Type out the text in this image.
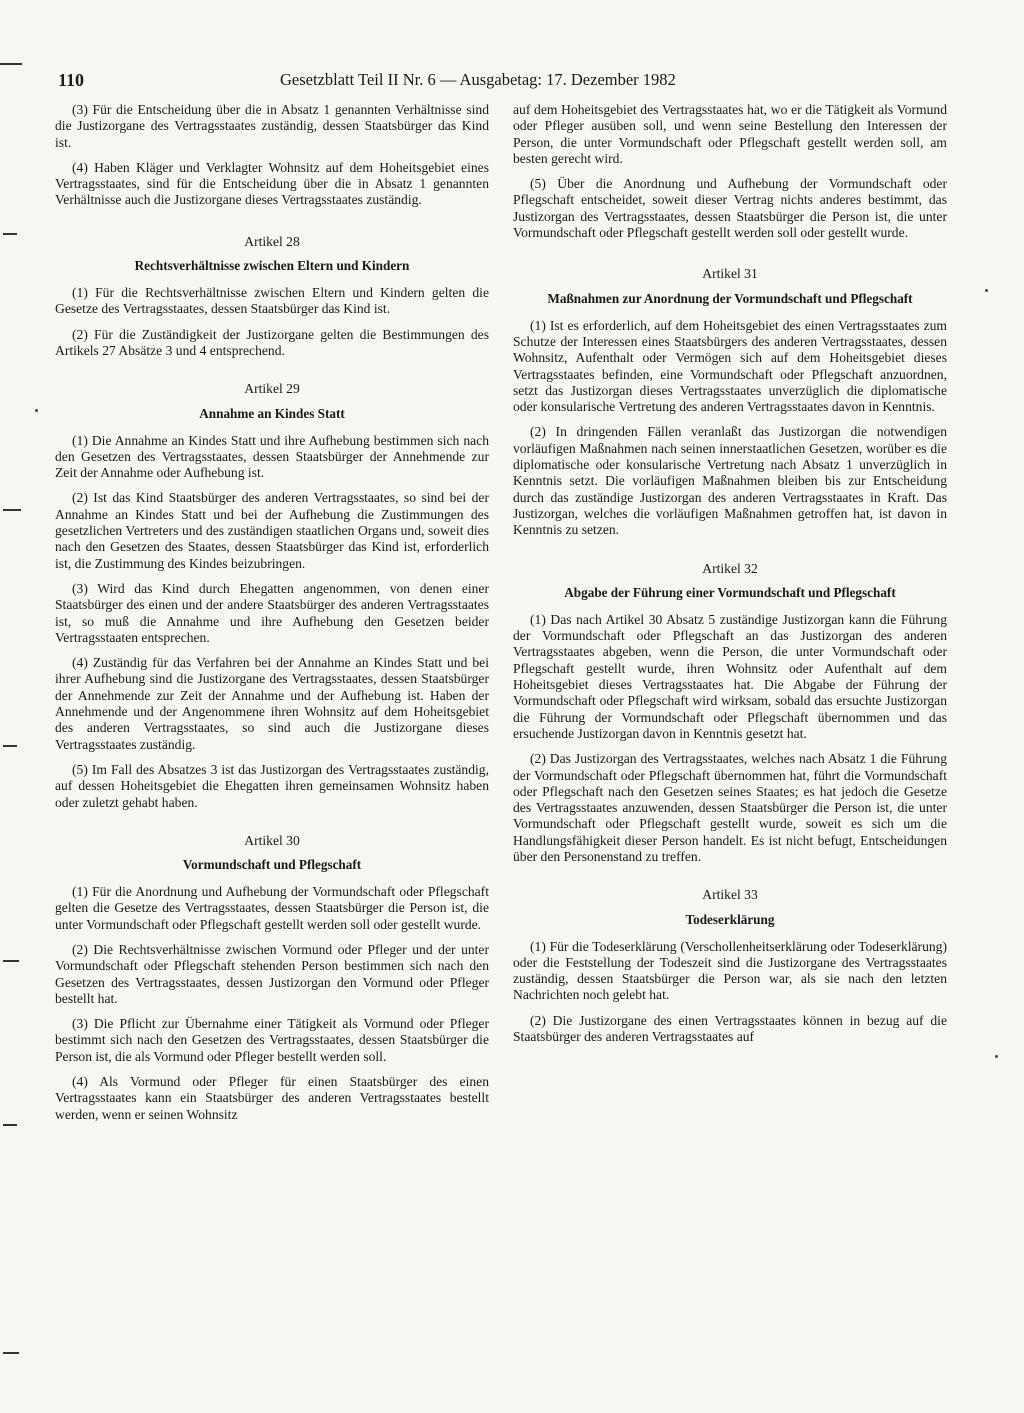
110	Gesetzblatt Teil II Nr. 6 — Ausgabetag: 17. Dezember 1982

(3) Für die Entscheidung über die in Absatz 1 genannten Verhältnisse sind die Justizorgane des Vertragsstaates zuständig, dessen Staatsbürger das Kind ist.

(4) Haben Kläger und Verklagter Wohnsitz auf dem Hoheitsgebiet eines Vertragsstaates, sind für die Entscheidung über die in Absatz 1 genannten Verhältnisse auch die Justizorgane dieses Vertragsstaates zuständig.

Artikel 28
Rechtsverhältnisse zwischen Eltern und Kindern

(1) Für die Rechtsverhältnisse zwischen Eltern und Kindern gelten die Gesetze des Vertragsstaates, dessen Staatsbürger das Kind ist.

(2) Für die Zuständigkeit der Justizorgane gelten die Bestimmungen des Artikels 27 Absätze 3 und 4 entsprechend.

Artikel 29
Annahme an Kindes Statt

(1) Die Annahme an Kindes Statt und ihre Aufhebung bestimmen sich nach den Gesetzen des Vertragsstaates, dessen Staatsbürger der Annehmende zur Zeit der Annahme oder Aufhebung ist.

(2) Ist das Kind Staatsbürger des anderen Vertragsstaates, so sind bei der Annahme an Kindes Statt und bei der Aufhebung die Zustimmungen des gesetzlichen Vertreters und des zuständigen staatlichen Organs und, soweit dies nach den Gesetzen des Staates, dessen Staatsbürger das Kind ist, erforderlich ist, die Zustimmung des Kindes beizubringen.

(3) Wird das Kind durch Ehegatten angenommen, von denen einer Staatsbürger des einen und der andere Staatsbürger des anderen Vertragsstaates ist, so muß die Annahme und ihre Aufhebung den Gesetzen beider Vertragsstaaten entsprechen.

(4) Zuständig für das Verfahren bei der Annahme an Kindes Statt und bei ihrer Aufhebung sind die Justizorgane des Vertragsstaates, dessen Staatsbürger der Annehmende zur Zeit der Annahme und der Aufhebung ist. Haben der Annehmende und der Angenommene ihren Wohnsitz auf dem Hoheitsgebiet des anderen Vertragsstaates, so sind auch die Justizorgane dieses Vertragsstaates zuständig.

(5) Im Fall des Absatzes 3 ist das Justizorgan des Vertragsstaates zuständig, auf dessen Hoheitsgebiet die Ehegatten ihren gemeinsamen Wohnsitz haben oder zuletzt gehabt haben.

Artikel 30
Vormundschaft und Pflegschaft

(1) Für die Anordnung und Aufhebung der Vormundschaft oder Pflegschaft gelten die Gesetze des Vertragsstaates, dessen Staatsbürger die Person ist, die unter Vormundschaft oder Pflegschaft gestellt werden soll oder gestellt wurde.

(2) Die Rechtsverhältnisse zwischen Vormund oder Pfleger und der unter Vormundschaft oder Pflegschaft stehenden Person bestimmen sich nach den Gesetzen des Vertragsstaates, dessen Justizorgan den Vormund oder Pfleger bestellt hat.

(3) Die Pflicht zur Übernahme einer Tätigkeit als Vormund oder Pfleger bestimmt sich nach den Gesetzen des Vertragsstaates, dessen Staatsbürger die Person ist, die als Vormund oder Pfleger bestellt werden soll.

(4) Als Vormund oder Pfleger für einen Staatsbürger des einen Vertragsstaates kann ein Staatsbürger des anderen Vertragsstaates bestellt werden, wenn er seinen Wohnsitz

auf dem Hoheitsgebiet des Vertragsstaates hat, wo er die Tätigkeit als Vormund oder Pfleger ausüben soll, und wenn seine Bestellung den Interessen der Person, die unter Vormundschaft oder Pflegschaft gestellt werden soll, am besten gerecht wird.

(5) Über die Anordnung und Aufhebung der Vormundschaft oder Pflegschaft entscheidet, soweit dieser Vertrag nichts anderes bestimmt, das Justizorgan des Vertragsstaates, dessen Staatsbürger die Person ist, die unter Vormundschaft oder Pflegschaft gestellt werden soll oder gestellt wurde.

Artikel 31
Maßnahmen zur Anordnung der Vormundschaft und Pflegschaft

(1) Ist es erforderlich, auf dem Hoheitsgebiet des einen Vertragsstaates zum Schutze der Interessen eines Staatsbürgers des anderen Vertragsstaates, dessen Wohnsitz, Aufenthalt oder Vermögen sich auf dem Hoheitsgebiet dieses Vertragsstaates befinden, eine Vormundschaft oder Pflegschaft anzuordnen, setzt das Justizorgan dieses Vertragsstaates unverzüglich die diplomatische oder konsularische Vertretung des anderen Vertragsstaates davon in Kenntnis.

(2) In dringenden Fällen veranlaßt das Justizorgan die notwendigen vorläufigen Maßnahmen nach seinen innerstaatlichen Gesetzen, worüber es die diplomatische oder konsularische Vertretung nach Absatz 1 unverzüglich in Kenntnis setzt. Die vorläufigen Maßnahmen bleiben bis zur Entscheidung durch das zuständige Justizorgan des anderen Vertragsstaates in Kraft. Das Justizorgan, welches die vorläufigen Maßnahmen getroffen hat, ist davon in Kenntnis zu setzen.

Artikel 32
Abgabe der Führung einer Vormundschaft und Pflegschaft

(1) Das nach Artikel 30 Absatz 5 zuständige Justizorgan kann die Führung der Vormundschaft oder Pflegschaft an das Justizorgan des anderen Vertragsstaates abgeben, wenn die Person, die unter Vormundschaft oder Pflegschaft gestellt wurde, ihren Wohnsitz oder Aufenthalt auf dem Hoheitsgebiet dieses Vertragsstaates hat. Die Abgabe der Führung der Vormundschaft oder Pflegschaft wird wirksam, sobald das ersuchte Justizorgan die Führung der Vormundschaft oder Pflegschaft übernommen und das ersuchende Justizorgan davon in Kenntnis gesetzt hat.

(2) Das Justizorgan des Vertragsstaates, welches nach Absatz 1 die Führung der Vormundschaft oder Pflegschaft übernommen hat, führt die Vormundschaft oder Pflegschaft nach den Gesetzen seines Staates; es hat jedoch die Gesetze des Vertragsstaates anzuwenden, dessen Staatsbürger die Person ist, die unter Vormundschaft oder Pflegschaft gestellt wurde, soweit es sich um die Handlungsfähigkeit dieser Person handelt. Es ist nicht befugt, Entscheidungen über den Personenstand zu treffen.

Artikel 33
Todeserklärung

(1) Für die Todeserklärung (Verschollenheitserklärung oder Todeserklärung) oder die Feststellung der Todeszeit sind die Justizorgane des Vertragsstaates zuständig, dessen Staatsbürger die Person war, als sie nach den letzten Nachrichten noch gelebt hat.

(2) Die Justizorgane des einen Vertragsstaates können in bezug auf die Staatsbürger des anderen Vertragsstaates auf
